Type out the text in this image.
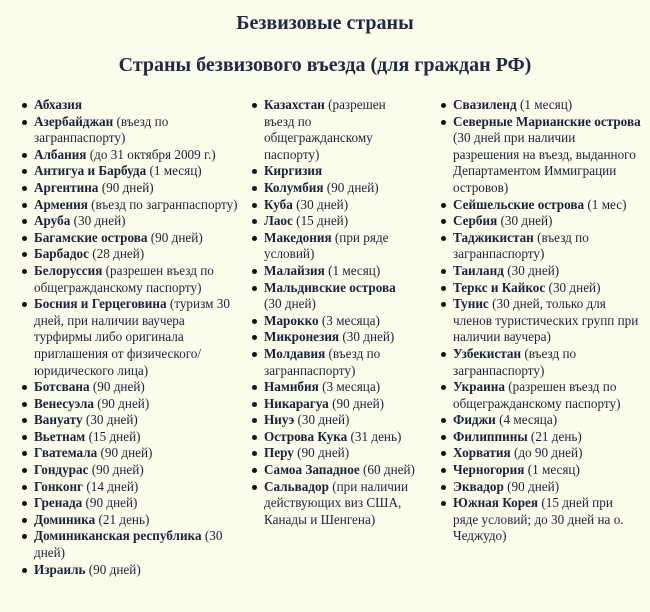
Безвизовые страны
Страны безвизового въезда (для граждан РФ)
Абхазия
Азербайджан (въезд по загранпаспорту)
Албания (до 31 октября 2009 г.)
Антигуа и Барбуда (1 месяц)
Аргентина (90 дней)
Армения (въезд по загранпаспорту)
Аруба (30 дней)
Багамские острова (90 дней)
Барбадос (28 дней)
Белоруссия (разрешен въезд по общегражданскому паспорту)
Босния и Герцеговина (туризм 30 дней, при наличии ваучера турфирмы либо оригинала приглашения от физического/юридического лица)
Ботсвана (90 дней)
Венесуэла (90 дней)
Вануату (30 дней)
Вьетнам (15 дней)
Гватемала (90 дней)
Гондурас (90 дней)
Гонконг (14 дней)
Гренада (90 дней)
Доминика (21 день)
Доминиканская республика (30 дней)
Израиль (90 дней)
Казахстан (разрешен въезд по общегражданскому паспорту)
Киргизия
Колумбия (90 дней)
Куба (30 дней)
Лаос (15 дней)
Македония (при ряде условий)
Малайзия (1 месяц)
Мальдивские острова (30 дней)
Марокко (3 месяца)
Микронезия (30 дней)
Молдавия (въезд по загранпаспорту)
Намибия (3 месяца)
Никарагуа (90 дней)
Ниуэ (30 дней)
Острова Кука (31 день)
Перу (90 дней)
Самоа Западное (60 дней)
Сальвадор (при наличии действующих виз США, Канады и Шенгена)
Свазиленд (1 месяц)
Северные Марианские острова (30 дней при наличии разрешения на въезд, выданного Департаментом Иммиграции островов)
Сейшельские острова (1 мес)
Сербия (30 дней)
Таджикистан (въезд по загранпаспорту)
Таиланд (30 дней)
Теркс и Кайкос (30 дней)
Тунис (30 дней, только для членов туристических групп при наличии ваучера)
Узбекистан (въезд по загранпаспорту)
Украина (разрешен въезд по общегражданскому паспорту)
Фиджи (4 месяца)
Филиппины (21 день)
Хорватия (до 90 дней)
Черногория (1 месяц)
Эквадор (90 дней)
Южная Корея (15 дней при ряде условий; до 30 дней на о. Чеджудо)
